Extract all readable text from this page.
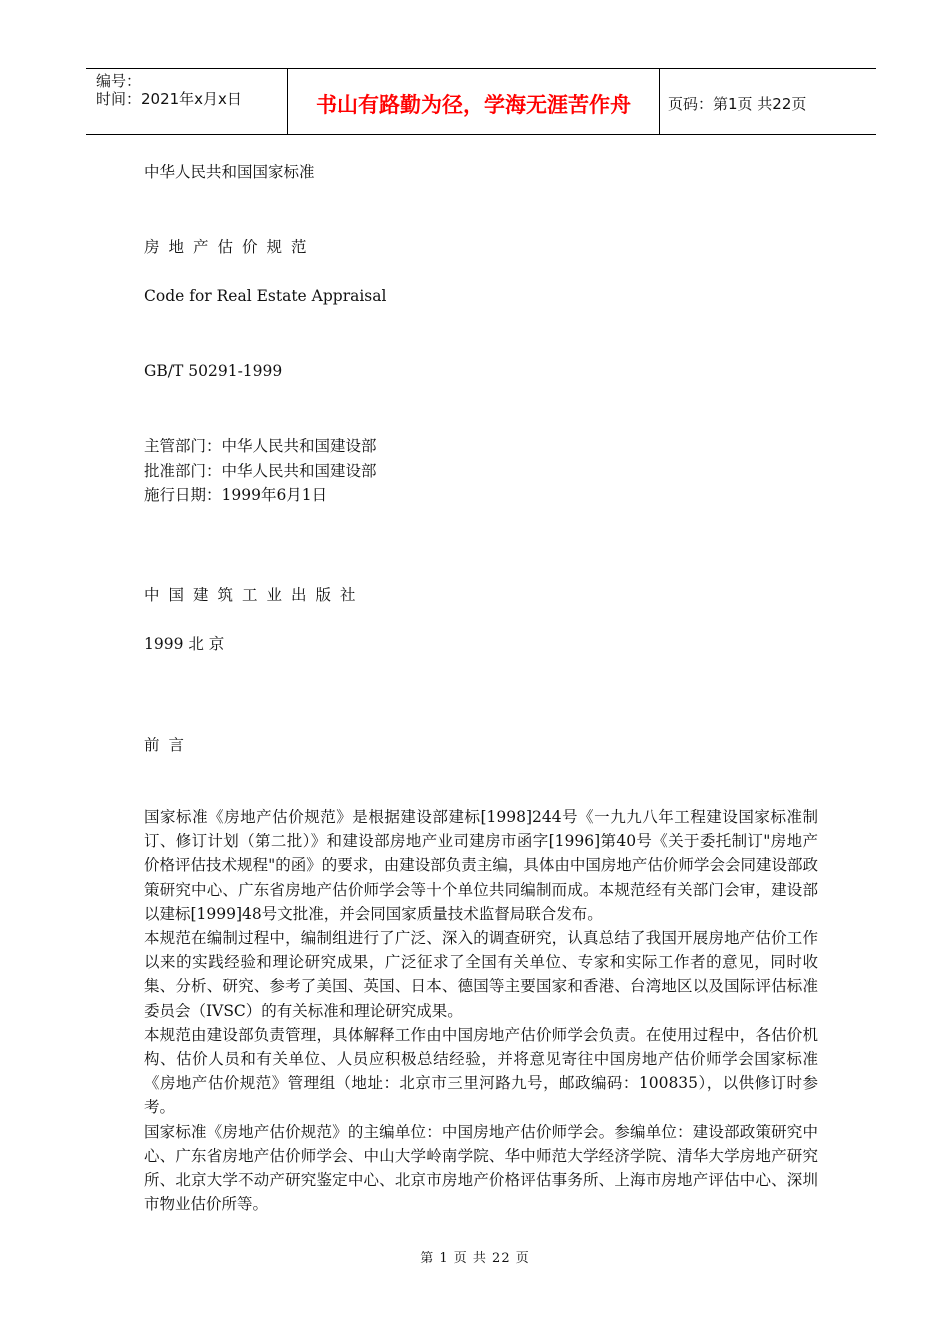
编号：
时间：2021年x月x日	书山有路勤为径，学海无涯苦作舟	页码：第1页 共22页
中华人民共和国国家标准
房地产估价规范
Code for Real Estate Appraisal
GB/T 50291-1999
主管部门：中华人民共和国建设部
批准部门：中华人民共和国建设部
施行日期：1999年6月1日
中国建筑工业出版社
1999 北 京
前言

国家标准《房地产估价规范》是根据建设部建标[1998]244号《一九九八年工程建设国家标准制订、修订计划（第二批）》和建设部房地产业司建房市函字[1996]第40号《关于委托制订"房地产价格评估技术规程"的函》的要求，由建设部负责主编，具体由中国房地产估价师学会会同建设部政策研究中心、广东省房地产估价师学会等十个单位共同编制而成。本规范经有关部门会审，建设部以建标[1999]48号文批准，并会同国家质量技术监督局联合发布。

本规范在编制过程中，编制组进行了广泛、深入的调查研究，认真总结了我国开展房地产估价工作以来的实践经验和理论研究成果，广泛征求了全国有关单位、专家和实际工作者的意见，同时收集、分析、研究、参考了美国、英国、日本、德国等主要国家和香港、台湾地区以及国际评估标准委员会（IVSC）的有关标准和理论研究成果。

本规范由建设部负责管理，具体解释工作由中国房地产估价师学会负责。在使用过程中，各估价机构、估价人员和有关单位、人员应积极总结经验，并将意见寄往中国房地产估价师学会国家标准《房地产估价规范》管理组（地址：北京市三里河路九号，邮政编码：100835），以供修订时参考。

国家标准《房地产估价规范》的主编单位：中国房地产估价师学会。参编单位：建设部政策研究中心、广东省房地产估价师学会、中山大学岭南学院、华中师范大学经济学院、清华大学房地产研究所、北京大学不动产研究鉴定中心、北京市房地产价格评估事务所、上海市房地产评估中心、深圳市物业估价所等。

第 1 页 共 22 页
